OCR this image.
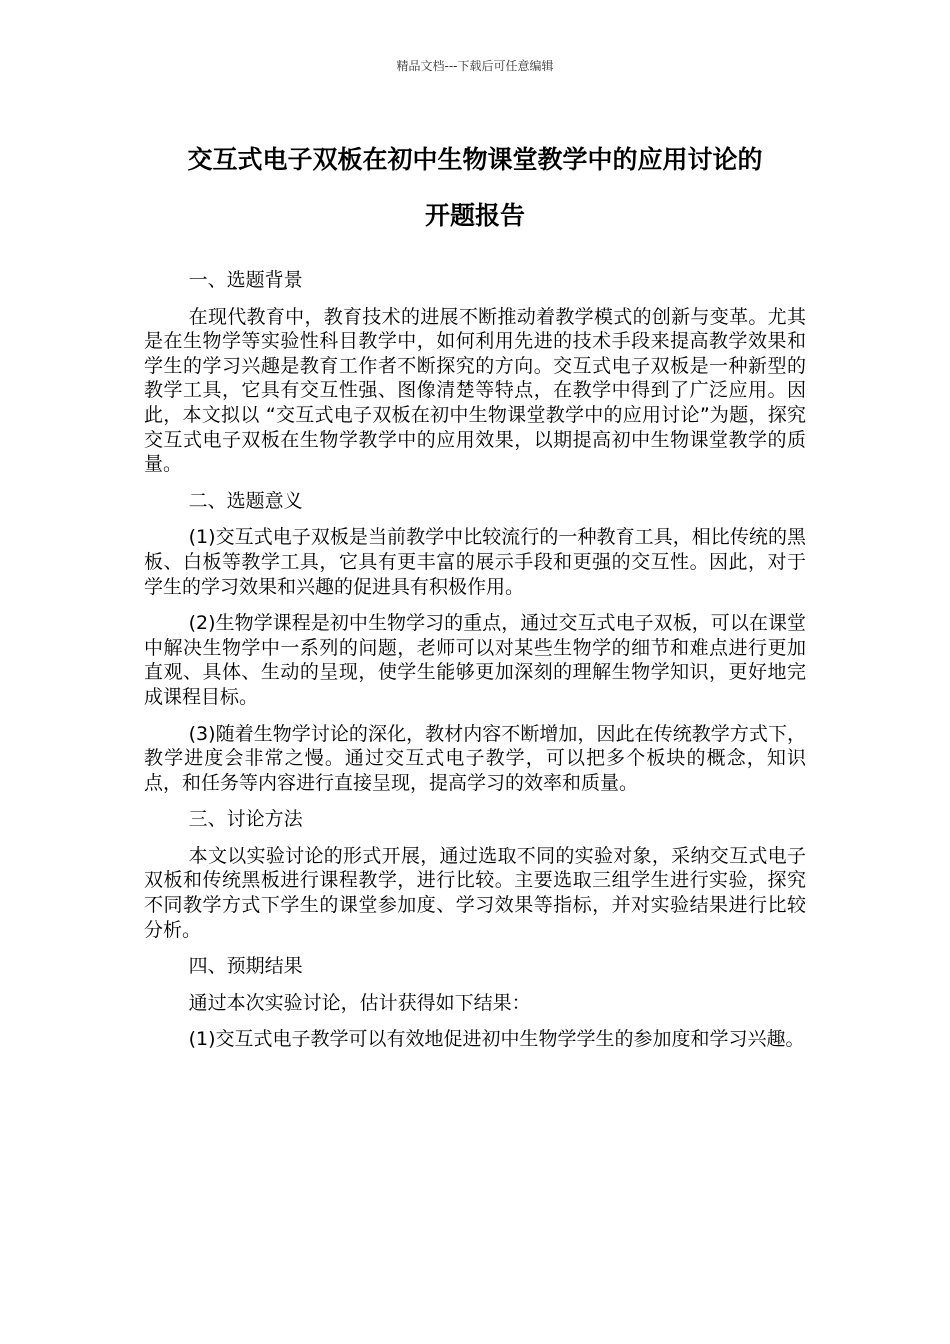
精品文档---下载后可任意编辑
交互式电子双板在初中生物课堂教学中的应用讨论的
开题报告

一、选题背景

在现代教育中，教育技术的进展不断推动着教学模式的创新与变革。尤其是在生物学等实验性科目教学中，如何利用先进的技术手段来提高教学效果和学生的学习兴趣是教育工作者不断探究的方向。交互式电子双板是一种新型的教学工具，它具有交互性强、图像清楚等特点，在教学中得到了广泛应用。因此，本文拟以 “交互式电子双板在初中生物课堂教学中的应用讨论”为题，探究交互式电子双板在生物学教学中的应用效果，以期提高初中生物课堂教学的质量。

二、选题意义

(1)交互式电子双板是当前教学中比较流行的一种教育工具，相比传统的黑板、白板等教学工具，它具有更丰富的展示手段和更强的交互性。因此，对于学生的学习效果和兴趣的促进具有积极作用。

(2)生物学课程是初中生物学习的重点，通过交互式电子双板，可以在课堂中解决生物学中一系列的问题，老师可以对某些生物学的细节和难点进行更加直观、具体、生动的呈现，使学生能够更加深刻的理解生物学知识，更好地完成课程目标。

(3)随着生物学讨论的深化，教材内容不断增加，因此在传统教学方式下，教学进度会非常之慢。通过交互式电子教学，可以把多个板块的概念，知识点，和任务等内容进行直接呈现，提高学习的效率和质量。

三、讨论方法

本文以实验讨论的形式开展，通过选取不同的实验对象，采纳交互式电子双板和传统黑板进行课程教学，进行比较。主要选取三组学生进行实验，探究不同教学方式下学生的课堂参加度、学习效果等指标，并对实验结果进行比较分析。

四、预期结果

通过本次实验讨论，估计获得如下结果：

(1)交互式电子教学可以有效地促进初中生物学学生的参加度和学习兴趣。
